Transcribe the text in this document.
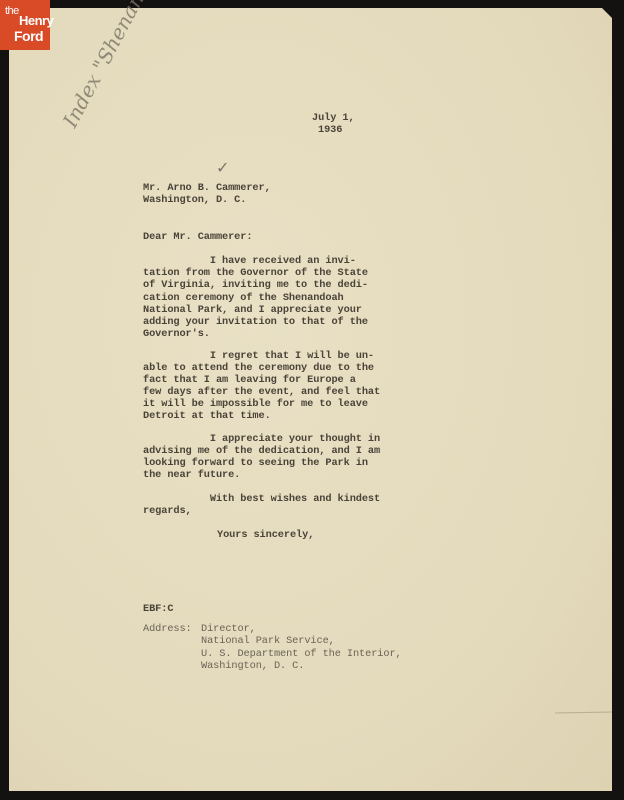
the
Henry
Ford
✓
July 1,
1936
Mr. Arno B. Cammerer,
Washington, D. C.
Dear Mr. Cammerer:
I have received an invi-
tation from the Governor of the State
of Virginia, inviting me to the dedi-
cation ceremony of the Shenandoah
National Park, and I appreciate your
adding your invitation to that of the
Governor's.
I regret that I will be un-
able to attend the ceremony due to the
fact that I am leaving for Europe a
few days after the event, and feel that
it will be impossible for me to leave
Detroit at that time.
I appreciate your thought in
advising me of the dedication, and I am
looking forward to seeing the Park in
the near future.
With best wishes and kindest
regards,
Yours sincerely,
EBF:C
Address: Director,
National Park Service,
U. S. Department of the Interior,
Washington, D. C.
